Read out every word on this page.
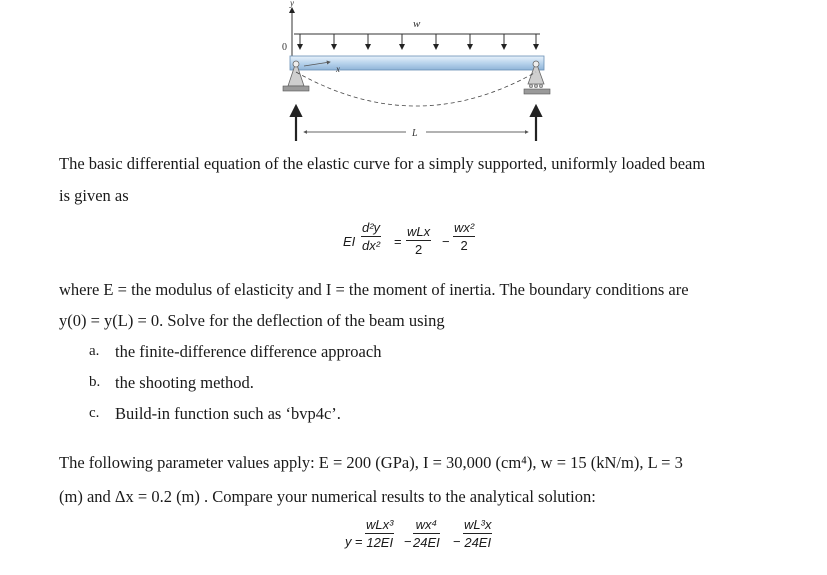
y
0
w
x
L
The basic differential equation of the elastic curve for a simply supported, uniformly loaded beam
is given as
EI
d²y
dx² =
wLx
2
−
wx²
2
where E = the modulus of elasticity and I = the moment of inertia. The boundary conditions are
y(0) = y(L) = 0. Solve for the deflection of the beam using
a. the finite-difference difference approach
b. the shooting method.
c. Build-in function such as ‘bvp4c’.
The following parameter values apply: E = 200 (GPa), I = 30,000 (cm⁴), w = 15 (kN/m), L = 3
(m) and Δx = 0.2 (m) . Compare your numerical results to the analytical solution:
y =
wLx³
12EI −
wx⁴
24EI −
wL³x
24EI
